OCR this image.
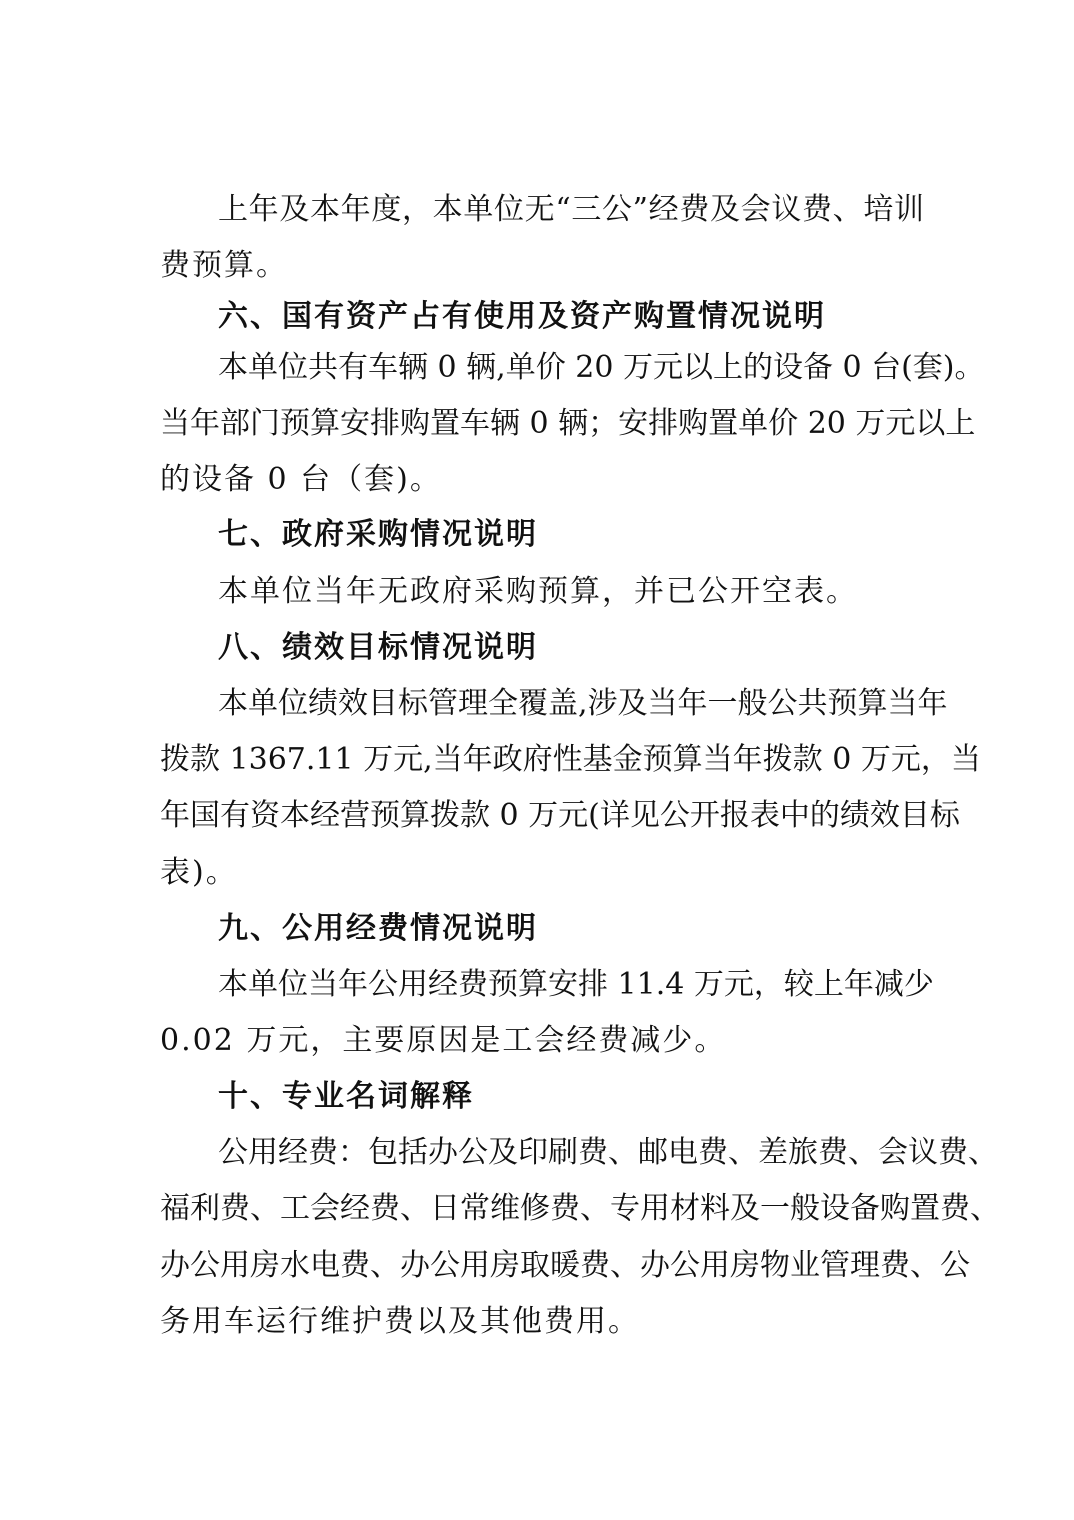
上年及本年度，本单位无“三公”经费及会议费、培训
费预算。
六、国有资产占有使用及资产购置情况说明
本单位共有车辆 0 辆,单价 20 万元以上的设备 0 台(套)。
当年部门预算安排购置车辆 0 辆；安排购置单价 20 万元以上
的设备 0 台（套)。
七、政府采购情况说明
本单位当年无政府采购预算，并已公开空表。
八、绩效目标情况说明
本单位绩效目标管理全覆盖,涉及当年一般公共预算当年
拨款 1367.11 万元,当年政府性基金预算当年拨款 0 万元，当
年国有资本经营预算拨款 0 万元(详见公开报表中的绩效目标
表)。
九、公用经费情况说明
本单位当年公用经费预算安排 11.4 万元，较上年减少
0.02 万元，主要原因是工会经费减少。
十、专业名词解释
公用经费：包括办公及印刷费、邮电费、差旅费、会议费、
福利费、工会经费、日常维修费、专用材料及一般设备购置费、
办公用房水电费、办公用房取暖费、办公用房物业管理费、公
务用车运行维护费以及其他费用。
